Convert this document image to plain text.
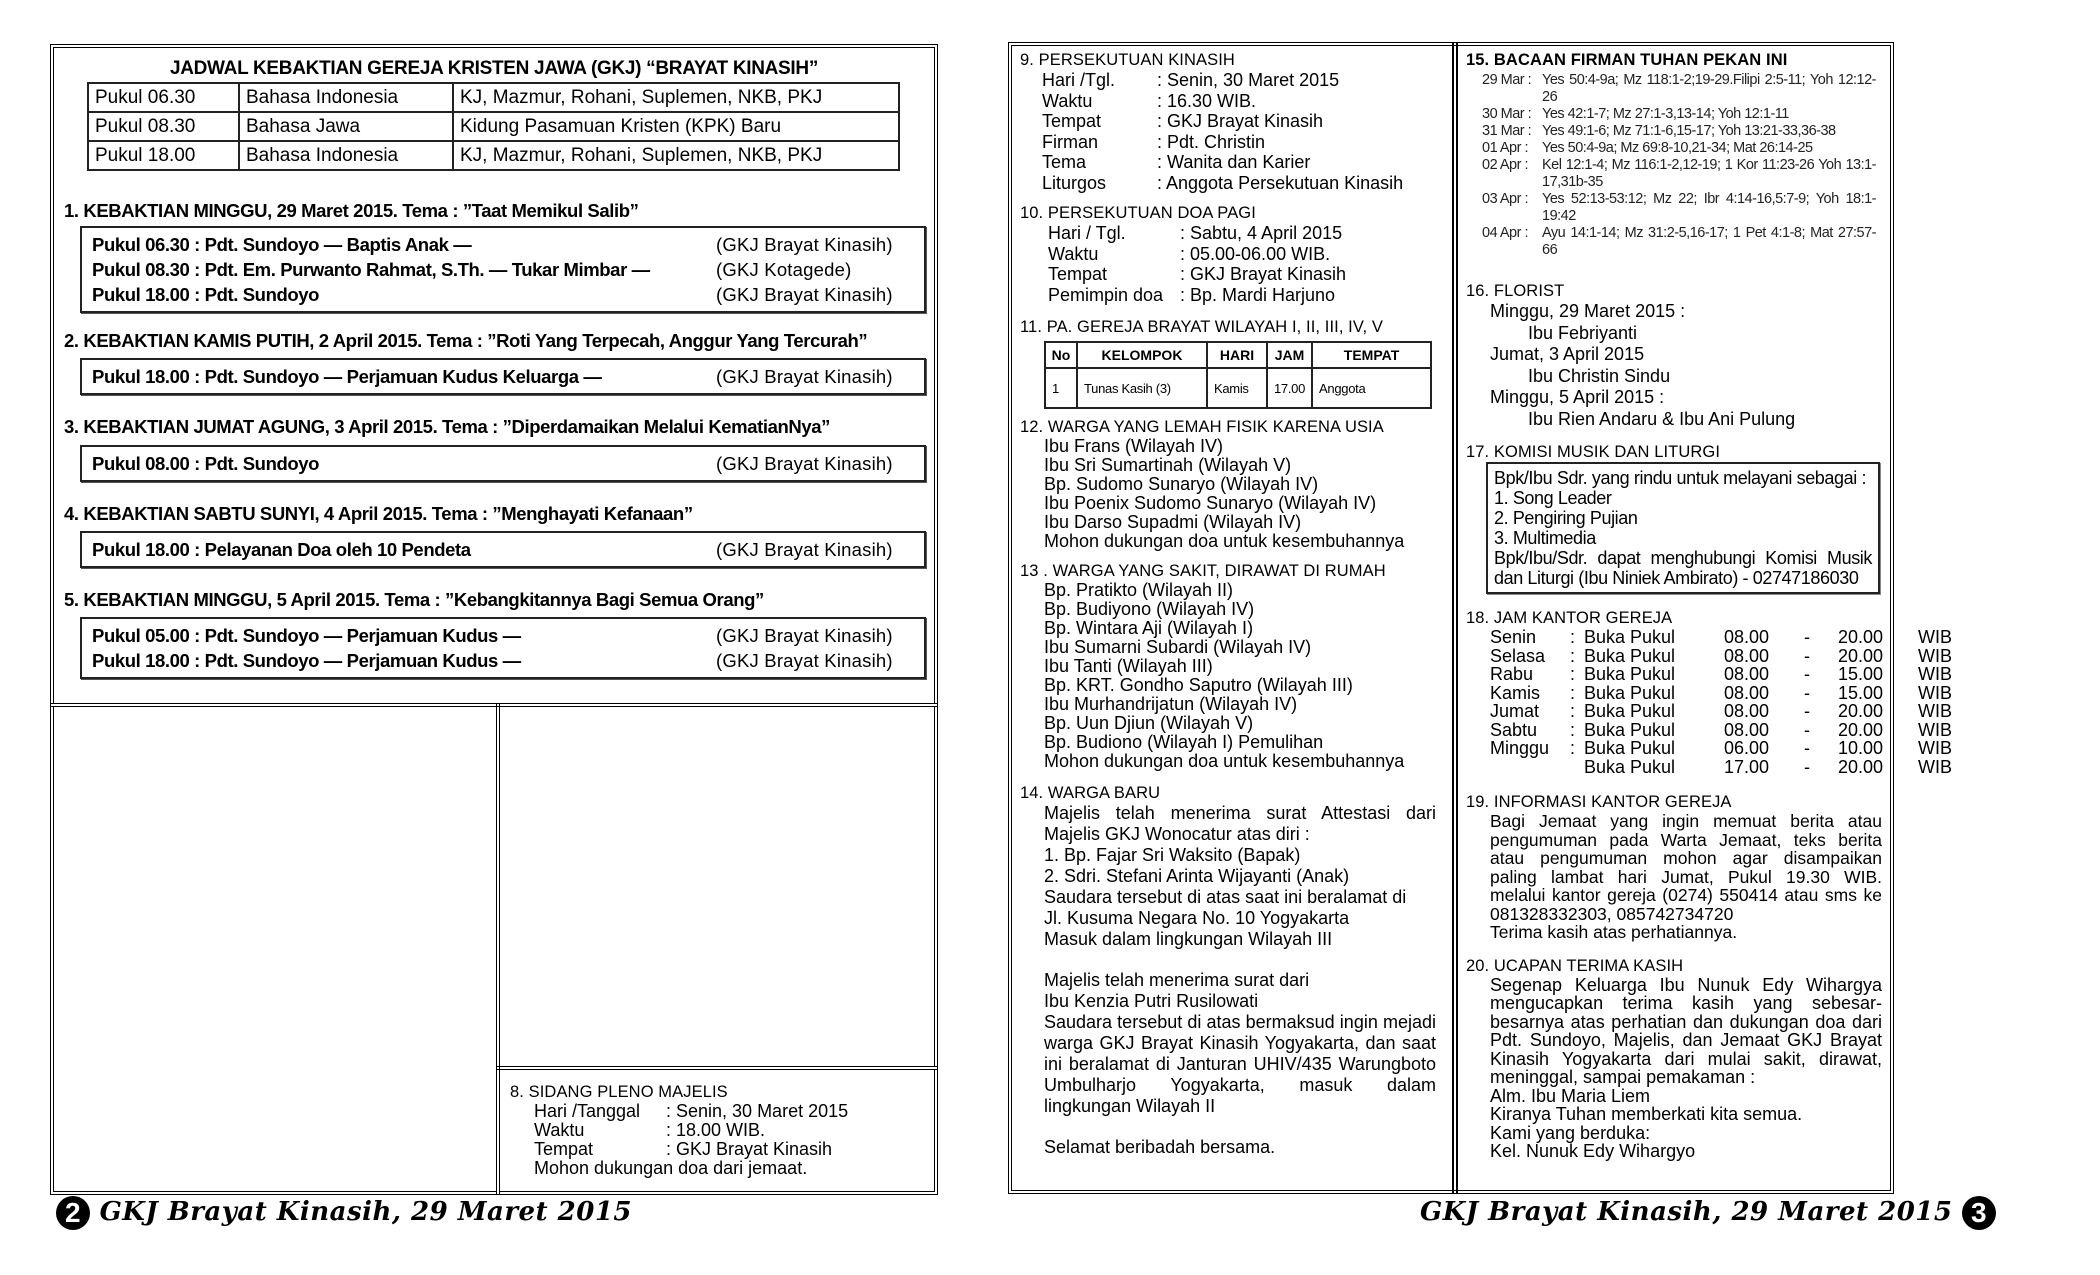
JADWAL KEBAKTIAN GEREJA KRISTEN JAWA (GKJ) “BRAYAT KINASIH”
Pukul 06.30	Bahasa Indonesia	KJ, Mazmur, Rohani, Suplemen, NKB, PKJ
Pukul 08.30	Bahasa Jawa	Kidung Pasamuan Kristen (KPK) Baru
Pukul 18.00	Bahasa Indonesia	KJ, Mazmur, Rohani, Suplemen, NKB, PKJ
1. KEBAKTIAN MINGGU, 29 Maret 2015. Tema : ”Taat Memikul Salib”
Pukul 06.30 : Pdt. Sundoyo — Baptis Anak —	(GKJ Brayat Kinasih)
Pukul 08.30 : Pdt. Em. Purwanto Rahmat, S.Th. — Tukar Mimbar —	(GKJ Kotagede)
Pukul 18.00 : Pdt. Sundoyo	(GKJ Brayat Kinasih)
2. KEBAKTIAN KAMIS PUTIH, 2 April 2015. Tema : ”Roti Yang Terpecah, Anggur Yang Tercurah”
Pukul 18.00 : Pdt. Sundoyo — Perjamuan Kudus Keluarga —	(GKJ Brayat Kinasih)
3. KEBAKTIAN JUMAT AGUNG, 3 April 2015. Tema : ”Diperdamaikan Melalui KematianNya”
Pukul 08.00 : Pdt. Sundoyo	(GKJ Brayat Kinasih)
4. KEBAKTIAN SABTU SUNYI, 4 April 2015. Tema : ”Menghayati Kefanaan”
Pukul 18.00 : Pelayanan Doa oleh 10 Pendeta	(GKJ Brayat Kinasih)
5. KEBAKTIAN MINGGU, 5 April 2015. Tema : ”Kebangkitannya Bagi Semua Orang”
Pukul 05.00 : Pdt. Sundoyo — Perjamuan Kudus —	(GKJ Brayat Kinasih)
Pukul 18.00 : Pdt. Sundoyo — Perjamuan Kudus —	(GKJ Brayat Kinasih)
8. SIDANG PLENO MAJELIS
Hari /Tanggal	: Senin, 30 Maret 2015
Waktu	: 18.00 WIB.
Tempat	: GKJ Brayat Kinasih
Mohon dukungan doa dari jemaat.
2 GKJ Brayat Kinasih, 29 Maret 2015
9. PERSEKUTUAN KINASIH
Hari /Tgl.	: Senin, 30 Maret 2015
Waktu	: 16.30 WIB.
Tempat	: GKJ Brayat Kinasih
Firman	: Pdt. Christin
Tema	: Wanita dan Karier
Liturgos	: Anggota Persekutuan Kinasih
10. PERSEKUTUAN DOA PAGI
Hari / Tgl.	: Sabtu, 4 April 2015
Waktu	: 05.00-06.00 WIB.
Tempat	: GKJ Brayat Kinasih
Pemimpin doa : Bp. Mardi Harjuno
11. PA. GEREJA BRAYAT WILAYAH I, II, III, IV, V
No	KELOMPOK	HARI	JAM	TEMPAT
1	Tunas Kasih (3)	Kamis	17.00	Anggota
12. WARGA YANG LEMAH FISIK KARENA USIA
Ibu Frans (Wilayah IV)
Ibu Sri Sumartinah (Wilayah V)
Bp. Sudomo Sunaryo (Wilayah IV)
Ibu Poenix Sudomo Sunaryo (Wilayah IV)
Ibu Darso Supadmi (Wilayah IV)
Mohon dukungan doa untuk kesembuhannya
13 . WARGA YANG SAKIT, DIRAWAT DI RUMAH
Bp. Pratikto (Wilayah II)
Bp. Budiyono (Wilayah IV)
Bp. Wintara Aji (Wilayah I)
Ibu Sumarni Subardi (Wilayah IV)
Ibu Tanti (Wilayah III)
Bp. KRT. Gondho Saputro (Wilayah III)
Ibu Murhandrijatun (Wilayah IV)
Bp. Uun Djiun (Wilayah V)
Bp. Budiono (Wilayah I) Pemulihan
Mohon dukungan doa untuk kesembuhannya
14. WARGA BARU
Majelis telah menerima surat Attestasi dari Majelis GKJ Wonocatur atas diri :
1. Bp. Fajar Sri Waksito (Bapak)
2. Sdri. Stefani Arinta Wijayanti (Anak)
Saudara tersebut di atas saat ini beralamat di
Jl. Kusuma Negara No. 10 Yogyakarta
Masuk dalam lingkungan Wilayah III
Majelis telah menerima surat dari
Ibu Kenzia Putri Rusilowati
Saudara tersebut di atas bermaksud ingin mejadi warga GKJ Brayat Kinasih Yogyakarta, dan saat ini beralamat di Janturan UHIV/435 Warungboto Umbulharjo Yogyakarta, masuk dalam lingkungan Wilayah II
Selamat beribadah bersama.
15. BACAAN FIRMAN TUHAN PEKAN INI
29 Mar : Yes 50:4-9a; Mz 118:1-2;19-29.Filipi 2:5-11; Yoh 12:12-26
30 Mar : Yes 42:1-7; Mz 27:1-3,13-14; Yoh 12:1-11
31 Mar : Yes 49:1-6; Mz 71:1-6,15-17; Yoh 13:21-33,36-38
01 Apr : Yes 50:4-9a; Mz 69:8-10,21-34; Mat 26:14-25
02 Apr : Kel 12:1-4; Mz 116:1-2,12-19; 1 Kor 11:23-26 Yoh 13:1-17,31b-35
03 Apr : Yes 52:13-53:12; Mz 22; Ibr 4:14-16,5:7-9; Yoh 18:1-19:42
04 Apr : Ayu 14:1-14; Mz 31:2-5,16-17; 1 Pet 4:1-8; Mat 27:57-66
16. FLORIST
Minggu, 29 Maret 2015 :
Ibu Febriyanti
Jumat, 3 April 2015
Ibu Christin Sindu
Minggu, 5 April 2015 :
Ibu Rien Andaru & Ibu Ani Pulung
17. KOMISI MUSIK DAN LITURGI
Bpk/Ibu Sdr. yang rindu untuk melayani sebagai :
1. Song Leader
2. Pengiring Pujian
3. Multimedia
Bpk/Ibu/Sdr. dapat menghubungi Komisi Musik dan Liturgi (Ibu Niniek Ambirato) - 02747186030
18. JAM KANTOR GEREJA
Senin	: Buka Pukul	08.00	-	20.00	WIB
Selasa	: Buka Pukul	08.00	-	20.00	WIB
Rabu	: Buka Pukul	08.00	-	15.00	WIB
Kamis	: Buka Pukul	08.00	-	15.00	WIB
Jumat	: Buka Pukul	08.00	-	20.00	WIB
Sabtu	: Buka Pukul	08.00	-	20.00	WIB
Minggu	: Buka Pukul	06.00	-	10.00	WIB
Buka Pukul	17.00	-	20.00	WIB
19. INFORMASI KANTOR GEREJA
Bagi Jemaat yang ingin memuat berita atau pengumuman pada Warta Jemaat, teks berita atau pengumuman mohon agar disampaikan paling lambat hari Jumat, Pukul 19.30 WIB. melalui kantor gereja (0274) 550414 atau sms ke 081328332303, 085742734720
Terima kasih atas perhatiannya.
20. UCAPAN TERIMA KASIH
Segenap Keluarga Ibu Nunuk Edy Wihargya mengucapkan terima kasih yang sebesar-besarnya atas perhatian dan dukungan doa dari Pdt. Sundoyo, Majelis, dan Jemaat GKJ Brayat Kinasih Yogyakarta dari mulai sakit, dirawat, meninggal, sampai pemakaman :
Alm. Ibu Maria Liem
Kiranya Tuhan memberkati kita semua.
Kami yang berduka:
Kel. Nunuk Edy Wihargyo
GKJ Brayat Kinasih, 29 Maret 2015 3
